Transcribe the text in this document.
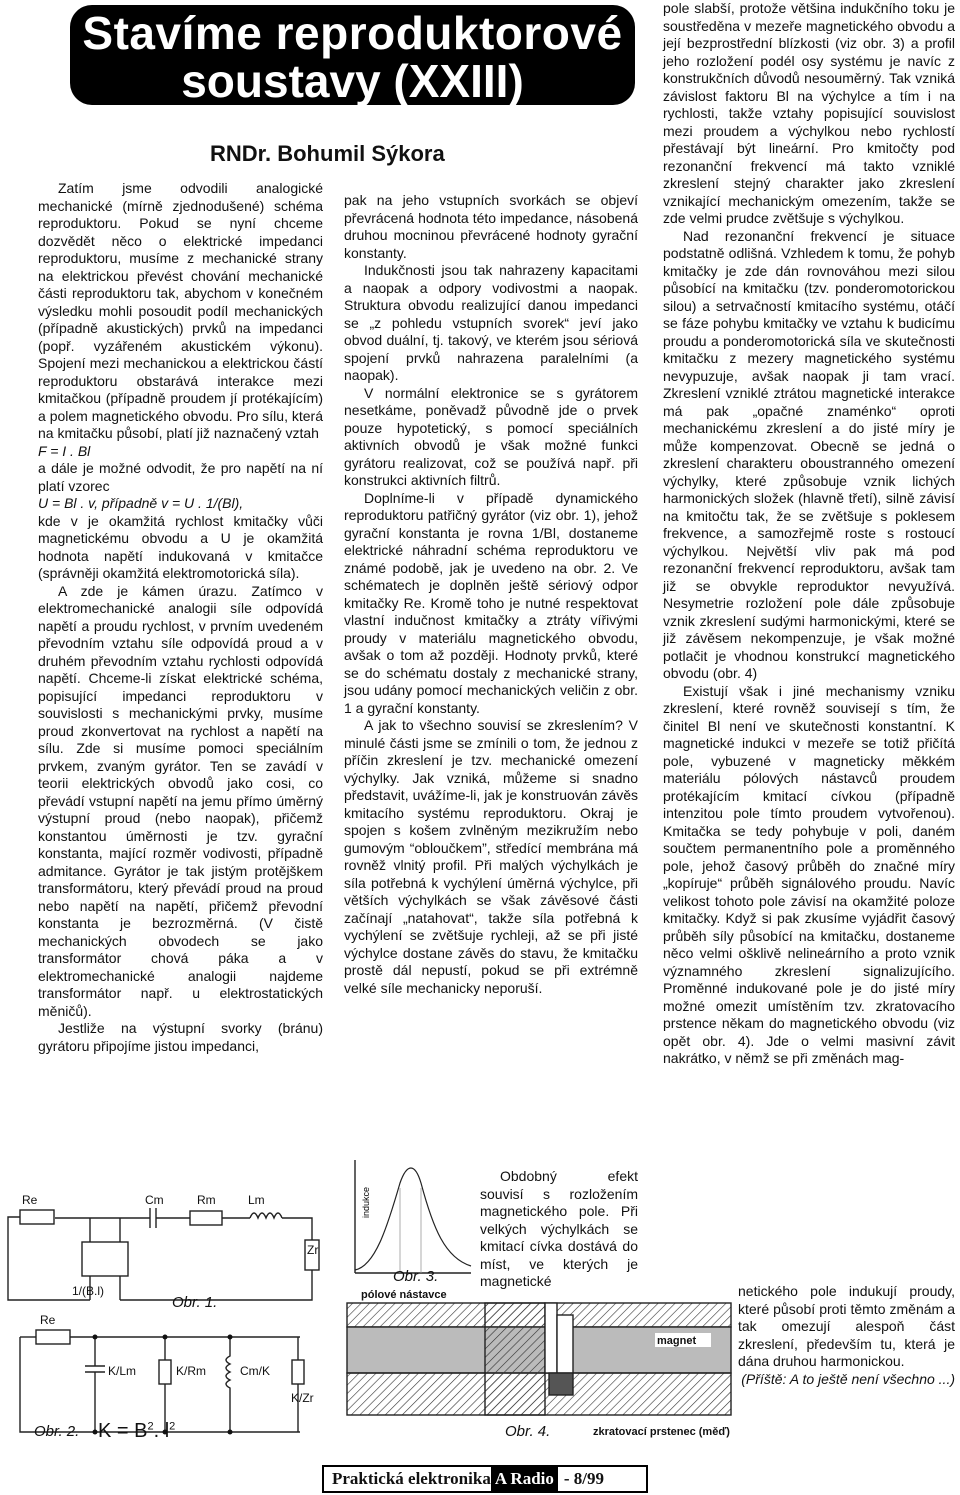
Stavíme reproduktorové
soustavy (XXIII)
RNDr. Bohumil Sýkora

Zatím jsme odvodili analogické mechanické (mírně zjednodušené) schéma reproduktoru. Pokud se nyní chceme dozvědět něco o elektrické impedanci reproduktoru, musíme z mechanické strany na elektrickou převést chování mechanické části reproduktoru tak, abychom v konečném výsledku mohli posoudit podíl mechanických (případně akustických) prvků na impedanci (popř. vyzářeném akustickém výkonu). Spojení mezi mechanickou a elektrickou částí reproduktoru obstarává interakce mezi kmitačkou (případně proudem jí protékajícím) a polem magnetického obvodu. Pro sílu, která na kmitačku působí, platí již naznačený vztah

F = I . Bl

a dále je možné odvodit, že pro napětí na ní platí vzorec

U = Bl . v, případně v = U . 1/(Bl),

kde v je okamžitá rychlost kmitačky vůči magnetickému obvodu a U je okamžitá hodnota napětí indukovaná v kmitačce (správněji okamžitá elektromotorická síla).

A zde je kámen úrazu. Zatímco v elektromechanické analogii síle odpovídá napětí a proudu rychlost, v prvním uvedeném převodním vztahu síle odpovídá proud a v druhém převodním vztahu rychlosti odpovídá napětí. Chceme-li získat elektrické schéma, popisující impedanci reproduktoru v souvislosti s mechanickými prvky, musíme proud zkonvertovat na rychlost a napětí na sílu. Zde si musíme pomoci speciálním prvkem, zvaným gyrátor. Ten se zavádí v teorii elektrických obvodů jako cosi, co převádí vstupní napětí na jemu přímo úměrný výstupní proud (nebo naopak), přičemž konstantou úměrnosti je tzv. gyrační konstanta, mající rozměr vodivosti, případně admitance. Gyrátor je tak jistým protějškem transformátoru, který převádí proud na proud nebo napětí na napětí, přičemž převodní konstanta je bezrozměrná. (V čistě mechanických obvodech se jako transformátor chová páka a v elektromechanické analogii najdeme transformátor např. u elektrostatických měničů).

Jestliže na výstupní svorky (bránu) gyrátoru připojíme jistou impedanci,

pak na jeho vstupních svorkách se objeví převrácená hodnota této impedance, násobená druhou mocninou převrácené hodnoty gyrační konstanty.

Indukčnosti jsou tak nahrazeny kapacitami a naopak a odpory vodivostmi a naopak. Struktura obvodu realizující danou impedanci se „z pohledu vstupních svorek“ jeví jako obvod duální, tj. takový, ve kterém jsou sériová spojení prvků nahrazena paralelními (a naopak).

V normální elektronice se s gyrátorem nesetkáme, poněvadž původně jde o prvek pouze hypotetický, s pomocí speciálních aktivních obvodů je však možné funkci gyrátoru realizovat, což se používá např. při konstrukci aktivních filtrů.

Doplníme-li v případě dynamického reproduktoru patřičný gyrátor (viz obr. 1), jehož gyrační konstanta je rovna 1/Bl, dostaneme elektrické náhradní schéma reproduktoru ve známé podobě, jak je uvedeno na obr. 2. Ve schématech je doplněn ještě sériový odpor kmitačky Re. Kromě toho je nutné respektovat vlastní indučnost kmitačky a ztráty vířivými proudy v materiálu magnetického obvodu, avšak o tom až později. Hodnoty prvků, které se do schématu dostaly z mechanické strany, jsou udány pomocí mechanických veličin z obr. 1 a gyrační konstanty.

A jak to všechno souvisí se zkreslením? V minulé části jsme se zmínili o tom, že jednou z příčin zkreslení je tzv. mechanické omezení výchylky. Jak vzniká, můžeme si snadno představit, uvážíme-li, jak je konstruován závěs kmitacího systému reproduktoru. Okraj je spojen s košem zvlněným mezikružím nebo gumovým “obloučkem”, středící membrána má rovněž vlnitý profil. Při malých výchylkách je síla potřebná k vychýlení úměrná výchylce, při větších výchylkách se však závěsové části začínají „natahovat“, takže síla potřebná k vychýlení se zvětšuje rychleji, až se při jisté výchylce dostane závěs do stavu, že kmitačku prostě dál nepustí, pokud se při extrémně velké síle mechanicky neporuší.

Obdobný efekt souvisí s rozložením magnetického pole. Při velkých výchylkách se kmitací cívka dostává do míst, ve kterých je magnetické

pole slabší, protože většina indukčního toku je soustředěna v mezeře magnetického obvodu a její bezprostřední blízkosti (viz obr. 3) a profil jeho rozložení podél osy systému je navíc z konstrukčních důvodů nesouměrný. Tak vzniká závislost faktoru Bl na výchylce a tím i na rychlosti, takže vztahy popisující souvislost mezi proudem a výchylkou nebo rychlostí přestávají být lineární. Pro kmitočty pod rezonanční frekvencí má takto vzniklé zkreslení stejný charakter jako zkreslení vznikající mechanickým omezením, takže se zde velmi prudce zvětšuje s výchylkou.

Nad rezonanční frekvencí je situace podstatně odlišná. Vzhledem k tomu, že pohyb kmitačky je zde dán rovnováhou mezi silou působící na kmitačku (tzv. ponderomotorickou silou) a setrvačností kmitacího systému, otáčí se fáze pohybu kmitačky ve vztahu k budicímu proudu a ponderomotorická síla ve skutečnosti kmitačku z mezery magnetického systému nevypuzuje, avšak naopak ji tam vrací. Zkreslení vzniklé ztrátou magnetické interakce má pak „opačné znaménko“ oproti mechanickému zkreslení a do jisté míry je může kompenzovat. Obecně se jedná o zkreslení charakteru oboustranného omezení výchylky, které způsobuje vznik lichých harmonických složek (hlavně třetí), silně závisí na kmitočtu tak, že se zvětšuje s poklesem frekvence, a samozřejmě roste s rostoucí výchylkou. Největší vliv pak má pod rezonanční frekvencí reproduktoru, avšak tam již se obvykle reproduktor nevyužívá. Nesymetrie rozložení pole dále způsobuje vznik zkreslení sudými harmonickými, které se již závěsem nekompenzuje, je však možné potlačit je vhodnou konstrukcí magnetického obvodu (obr. 4)

Existují však i jiné mechanismy vzniku zkreslení, které rovněž souvisejí s tím, že činitel Bl není ve skutečnosti konstantní. K magnetické indukci v mezeře se totiž přičítá pole, vybuzené v magneticky měkkém materiálu pólových nástavců proudem protékajícím kmitací cívkou (případně intenzitou pole tímto proudem vytvořenou). Kmitačka se tedy pohybuje v poli, daném součtem permanentního pole a proměnného pole, jehož časový průběh do značné míry „kopíruje“ průběh signálového proudu. Navíc velikost tohoto pole závisí na okamžité poloze kmitačky. Když si pak zkusíme vyjádřit časový průběh síly působící na kmitačku, dostaneme něco velmi ošklivě nelineárního a proto vznik významného zkreslení signalizujícího. Proměnné indukované pole je do jisté míry možné omezit umístěním tzv. zkratovacího prstence někam do magnetického obvodu (viz opět obr. 4). Jde o velmi masivní závit nakrátko, v němž se při změnách mag-

netického pole indukují proudy, které působí proti těmto změnám a tak omezují alespoň část zkreslení, především tu, která je dána druhou harmonickou.

(Příště: A to ještě není všechno ...)

Re	Cm	Rm	Lm
Zr
1/(B.l)
Re
K/Lm	K/Rm	Cm/K
K/Zr
Obr. 1.
Obr. 2. $K = B^2$. $l^2$
indukce
Obr. 3.
pólové nástavce
magnet
zkratovací prstenec (měď)
Obr. 4.
Praktická elektronika A Radio - 8/99
